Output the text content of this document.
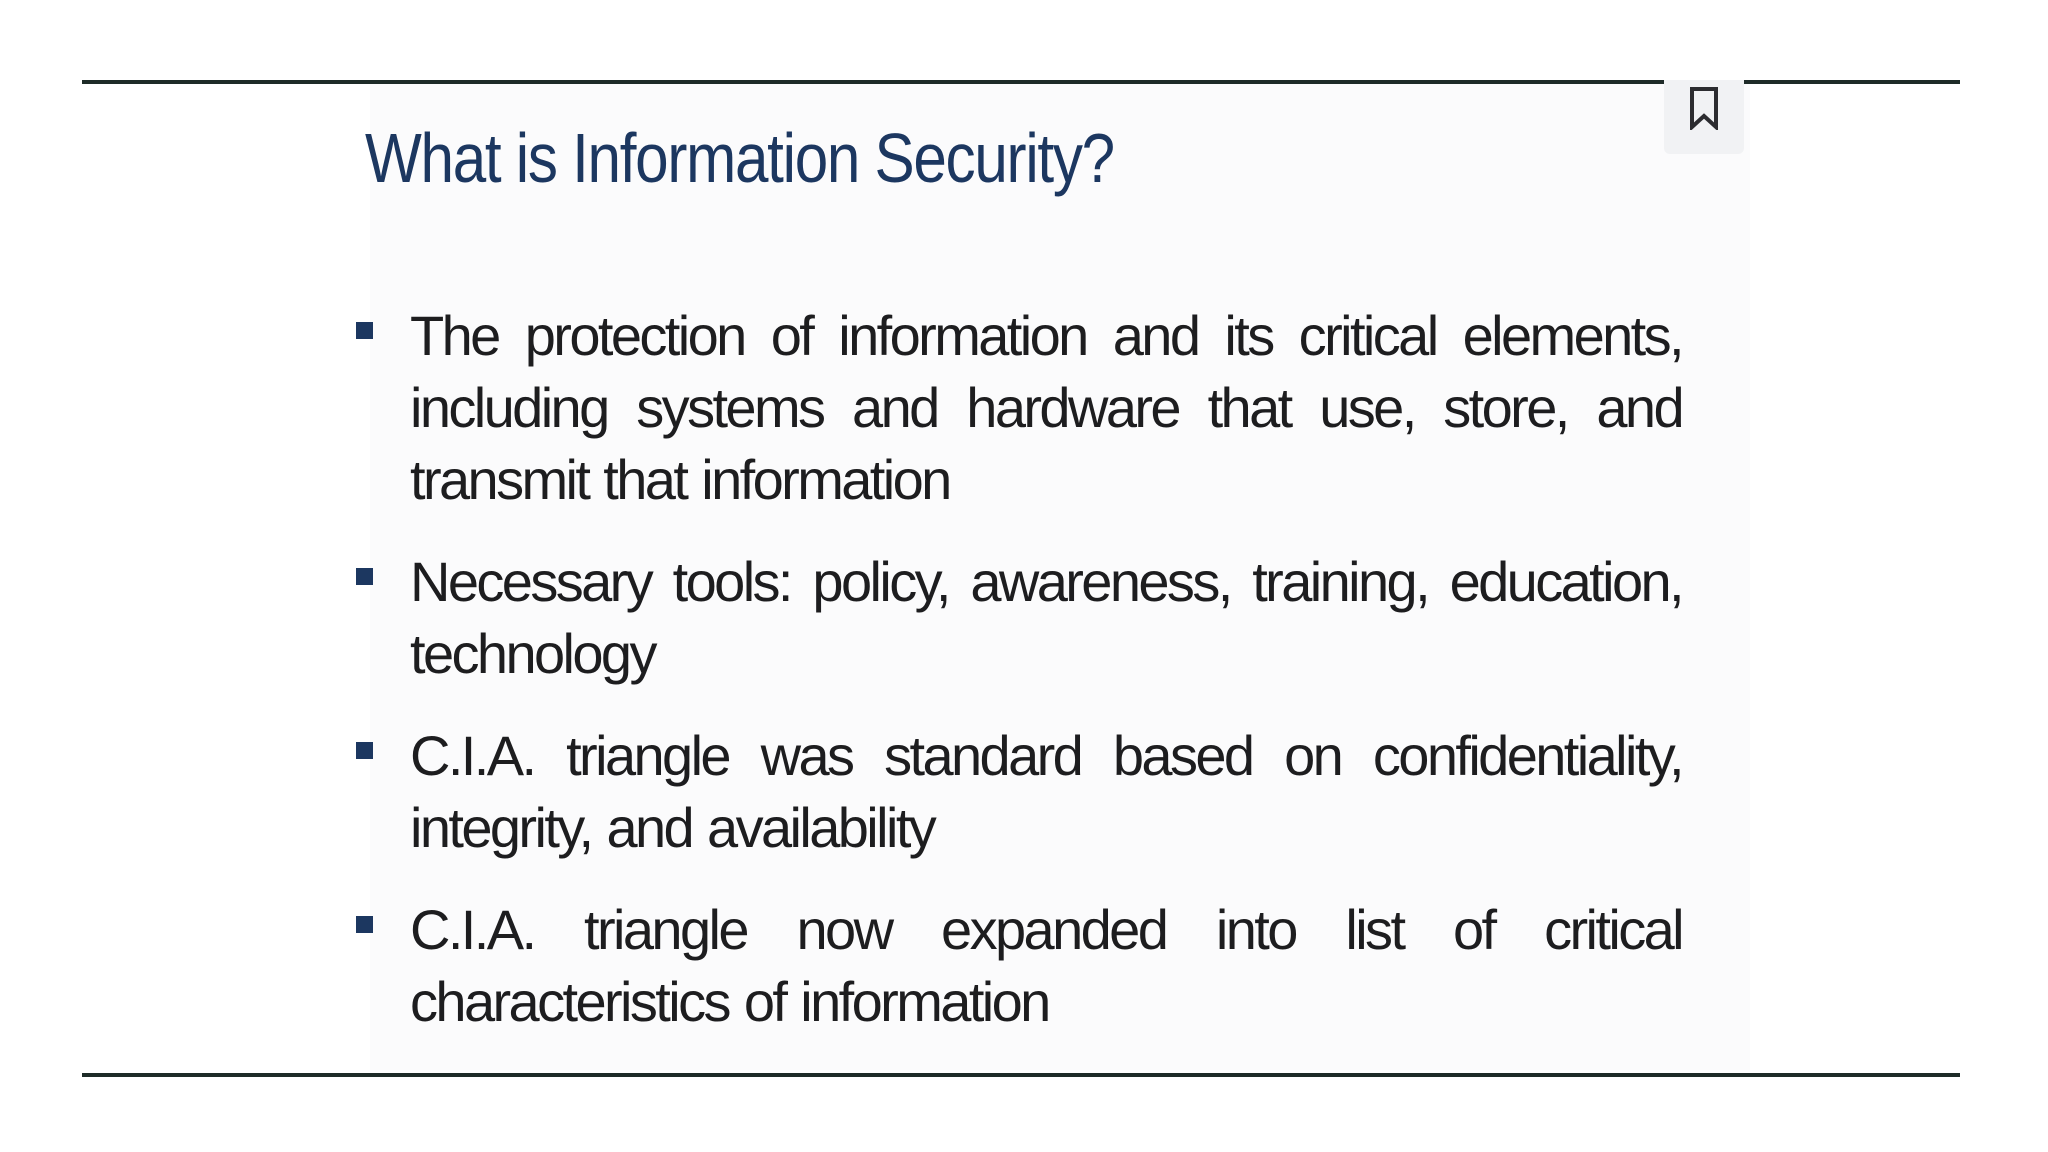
What is Information Security?
The protection of information and its critical elements, including systems and hardware that use, store, and transmit that information
Necessary tools: policy, awareness, training, education, technology
C.I.A. triangle was standard based on confidentiality, integrity, and availability
C.I.A. triangle now expanded into list of critical characteristics of information
